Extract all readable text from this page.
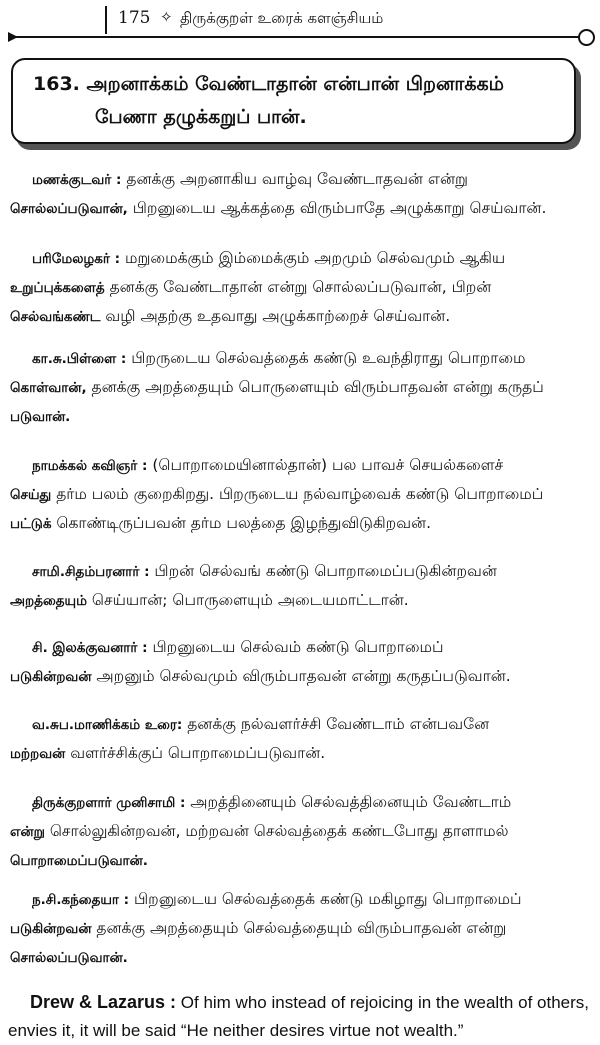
175 ✧ திருக்குறள் உரைக் களஞ்சியம்
163. அறனாக்கம் வேண்டாதான் என்பான் பிறனாக்கம்
பேணா தழுக்கறுப் பான்.
மணக்குடவர் : தனக்கு அறனாகிய வாழ்வு வேண்டாதவன் என்று
சொல்லப்படுவான், பிறனுடைய ஆக்கத்தை விரும்பாதே அழுக்காறு செய்வான்.
பரிமேலழகர் : மறுமைக்கும் இம்மைக்கும் அறமும் செல்வமும் ஆகிய
உறுப்புக்களைத் தனக்கு வேண்டாதான் என்று சொல்லப்படுவான், பிறன்
செல்வங்கண்ட வழி அதற்கு உதவாது அழுக்காற்றைச் செய்வான்.
கா.சு.பிள்ளை : பிறருடைய செல்வத்தைக் கண்டு உவந்திராது பொறாமை
கொள்வான், தனக்கு அறத்தையும் பொருளையும் விரும்பாதவன் என்று கருதப்
படுவான்.
நாமக்கல் கவிஞர் : (பொறாமையினால்தான்) பல பாவச் செயல்களைச்
செய்து தர்ம பலம் குறைகிறது. பிறருடைய நல்வாழ்வைக் கண்டு பொறாமைப்
பட்டுக் கொண்டிருப்பவன் தர்ம பலத்தை இழந்துவிடுகிறவன்.
சாமி.சிதம்பரனார் : பிறன் செல்வங் கண்டு பொறாமைப்படுகின்றவன்
அறத்தையும் செய்யான்; பொருளையும் அடையமாட்டான்.
சி. இலக்குவனார் : பிறனுடைய செல்வம் கண்டு பொறாமைப்
படுகின்றவன் அறனும் செல்வமும் விரும்பாதவன் என்று கருதப்படுவான்.
வ.சுப.மாணிக்கம் உரை: தனக்கு நல்வளர்ச்சி வேண்டாம் என்பவனே
மற்றவன் வளர்ச்சிக்குப் பொறாமைப்படுவான்.
திருக்குறளார் முனிசாமி : அறத்தினையும் செல்வத்தினையும் வேண்டாம்
என்று சொல்லுகின்றவன், மற்றவன் செல்வத்தைக் கண்டபோது தாளாமல்
பொறாமைப்படுவான்.
ந.சி.கந்தையா : பிறனுடைய செல்வத்தைக் கண்டு மகிழாது பொறாமைப்
படுகின்றவன் தனக்கு அறத்தையும் செல்வத்தையும் விரும்பாதவன் என்று
சொல்லப்படுவான்.
Drew & Lazarus : Of him who instead of rejoicing in the wealth of others,
envies it, it will be said “He neither desires virtue not wealth.”
